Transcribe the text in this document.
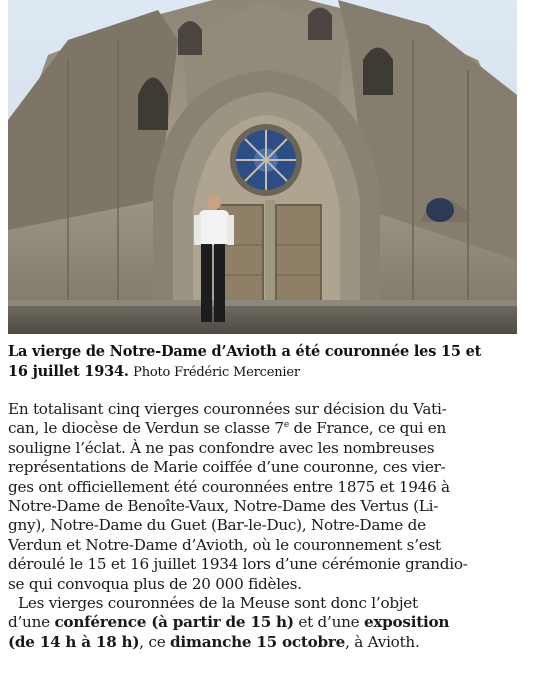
La vierge de Notre-Dame d’Avioth a été couronnée les 15 et
16 juillet 1934. Photo Frédéric Mercenier

En totalisant cinq vierges couronnées sur décision du Vati-
can, le diocèse de Verdun se classe 7e de France, ce qui en
souligne l’éclat. À ne pas confondre avec les nombreuses
représentations de Marie coiffée d’une couronne, ces vier-
ges ont officiellement été couronnées entre 1875 et 1946 à
Notre-Dame de Benoîte-Vaux, Notre-Dame des Vertus (Li-
gny), Notre-Dame du Guet (Bar-le-Duc), Notre-Dame de
Verdun et Notre-Dame d’Avioth, où le couronnement s’est
déroulé le 15 et 16 juillet 1934 lors d’une cérémonie grandio-
se qui convoqua plus de 20 000 fidèles.

Les vierges couronnées de la Meuse sont donc l’objet
d’une conférence (à partir de 15 h) et d’une exposition
(de 14 h à 18 h), ce dimanche 15 octobre, à Avioth.
